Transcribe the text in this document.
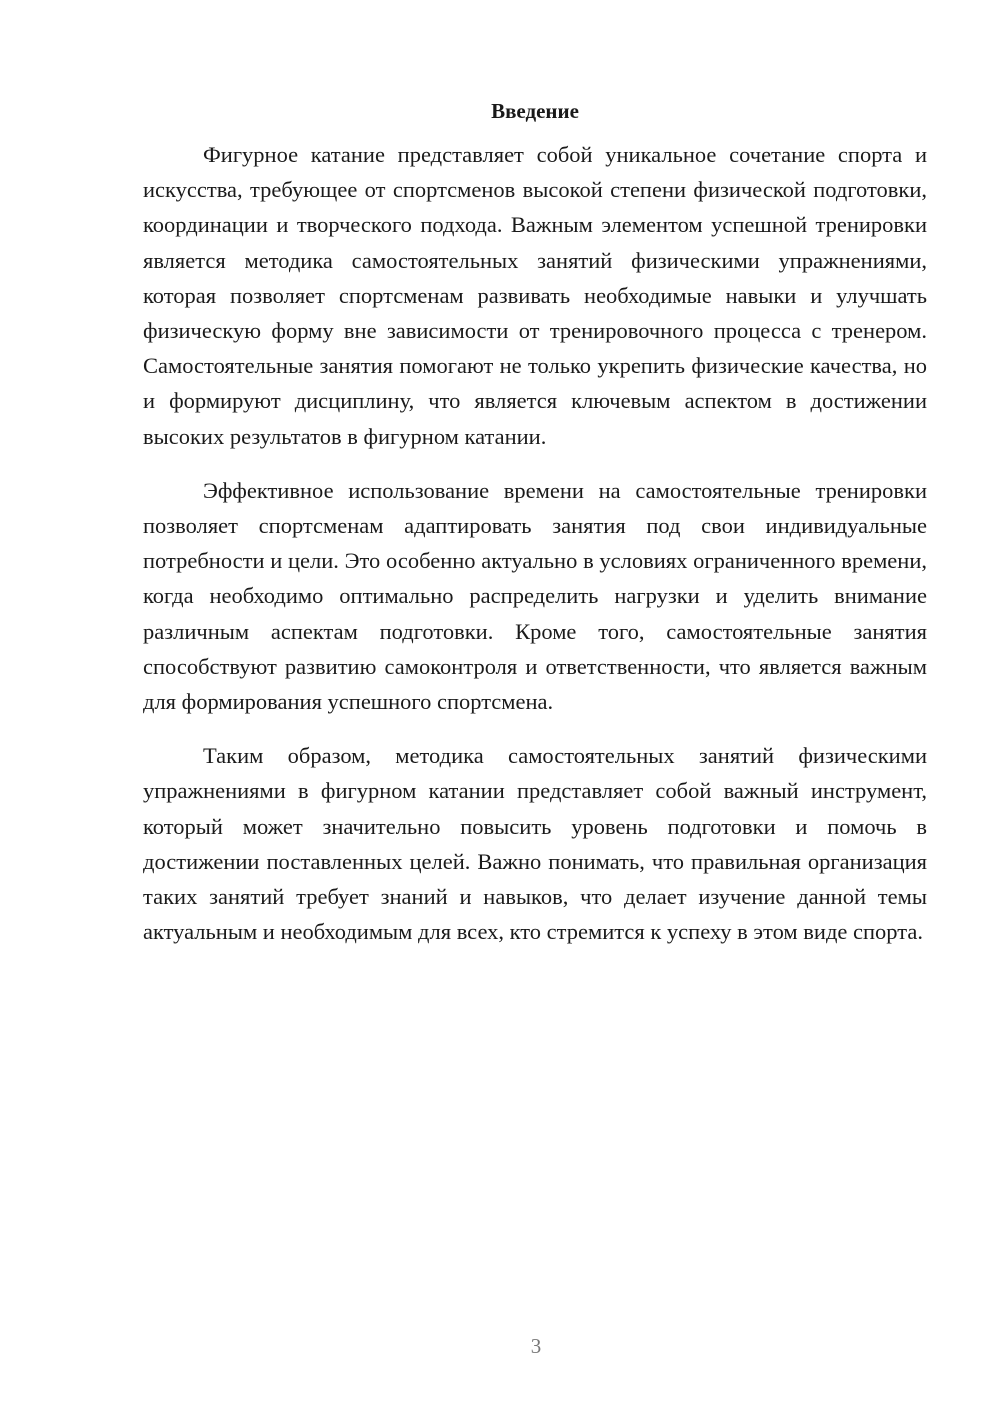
Введение

Фигурное катание представляет собой уникальное сочетание спорта и искусства, требующее от спортсменов высокой степени физической подготовки, координации и творческого подхода. Важным элементом успешной тренировки является методика самостоятельных занятий физическими упражнениями, которая позволяет спортсменам развивать необходимые навыки и улучшать физическую форму вне зависимости от тренировочного процесса с тренером. Самостоятельные занятия помогают не только укрепить физические качества, но и формируют дисциплину, что является ключевым аспектом в достижении высоких результатов в фигурном катании.

Эффективное использование времени на самостоятельные тренировки позволяет спортсменам адаптировать занятия под свои индивидуальные потребности и цели. Это особенно актуально в условиях ограниченного времени, когда необходимо оптимально распределить нагрузки и уделить внимание различным аспектам подготовки. Кроме того, самостоятельные занятия способствуют развитию самоконтроля и ответственности, что является важным для формирования успешного спортсмена.

Таким образом, методика самостоятельных занятий физическими упражнениями в фигурном катании представляет собой важный инструмент, который может значительно повысить уровень подготовки и помочь в достижении поставленных целей. Важно понимать, что правильная организация таких занятий требует знаний и навыков, что делает изучение данной темы актуальным и необходимым для всех, кто стремится к успеху в этом виде спорта.

3
